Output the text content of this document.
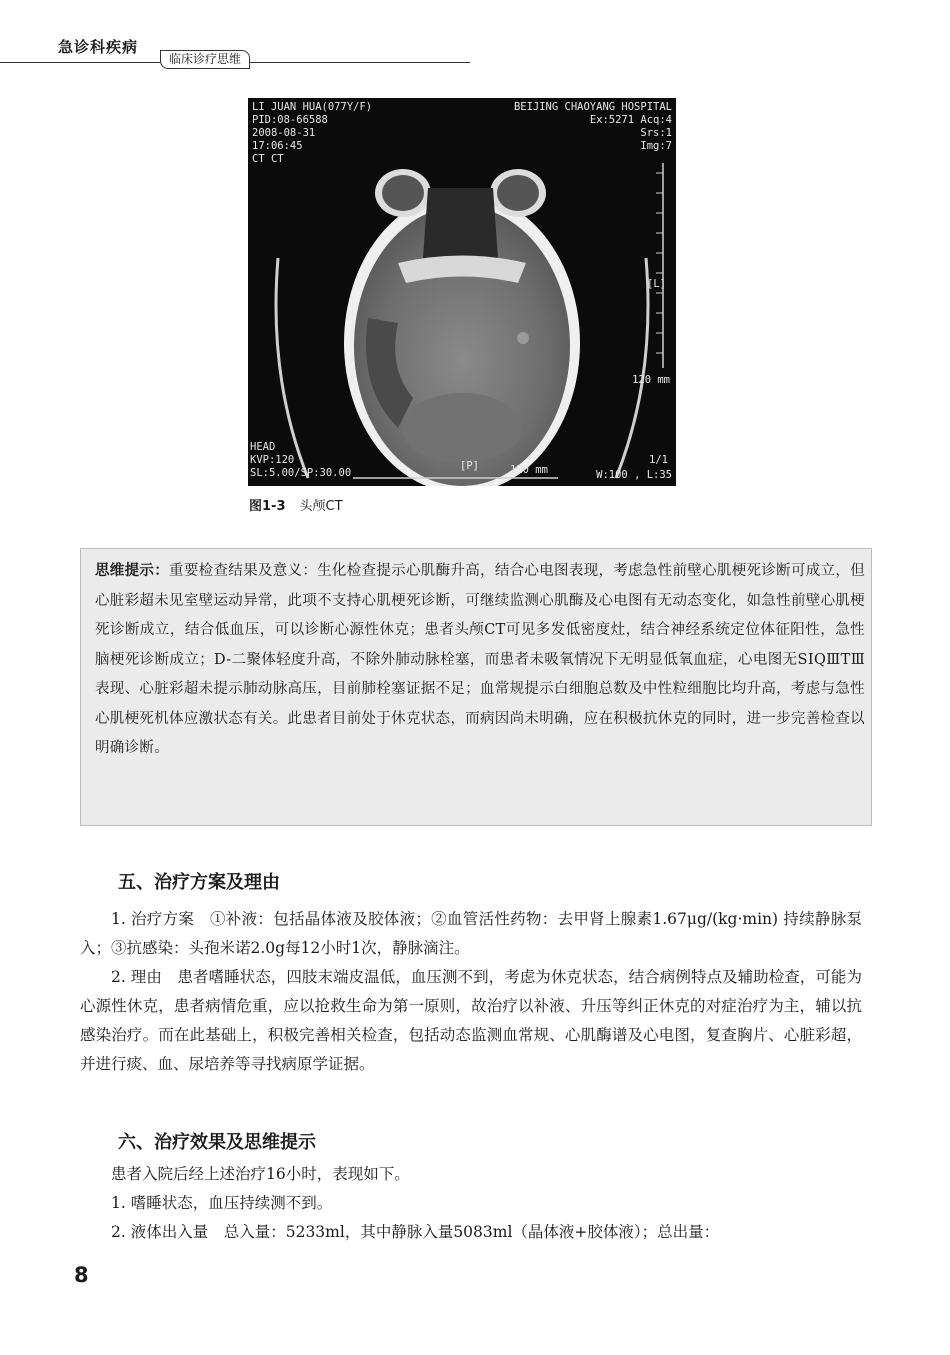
急诊科疾病
临床诊疗思维
LI JUAN HUA(077Y/F)
PID:08-66588
2008-08-31
17:06:45
CT CT
BEIJING CHAOYANG HOSPITAL
Ex:5271 Acq:4
Srs:1
Img:7
[L]
120 mm
HEAD
KVP:120
SL:5.00/SP:30.00
[P]	120 mm
1/1
W:100 , L:35
图1-3 头颅CT

思维提示：重要检查结果及意义：生化检查提示心肌酶升高，结合心电图表现，考虑急性前壁心肌梗死诊断可成立，但心脏彩超未见室壁运动异常，此项不支持心肌梗死诊断，可继续监测心肌酶及心电图有无动态变化，如急性前壁心肌梗死诊断成立，结合低血压，可以诊断心源性休克；患者头颅CT可见多发低密度灶，结合神经系统定位体征阳性，急性脑梗死诊断成立；D-二聚体轻度升高，不除外肺动脉栓塞，而患者未吸氧情况下无明显低氧血症，心电图无SⅠQⅢTⅢ表现、心脏彩超未提示肺动脉高压，目前肺栓塞证据不足；血常规提示白细胞总数及中性粒细胞比均升高，考虑与急性心肌梗死机体应激状态有关。此患者目前处于休克状态，而病因尚未明确，应在积极抗休克的同时，进一步完善检查以明确诊断。

五、治疗方案及理由

1. 治疗方案　①补液：包括晶体液及胶体液；②血管活性药物：去甲肾上腺素1.67μg/(kg·min) 持续静脉泵入；③抗感染：头孢米诺2.0g每12小时1次，静脉滴注。

2. 理由　患者嗜睡状态，四肢末端皮温低，血压测不到，考虑为休克状态，结合病例特点及辅助检查，可能为心源性休克，患者病情危重，应以抢救生命为第一原则，故治疗以补液、升压等纠正休克的对症治疗为主，辅以抗感染治疗。而在此基础上，积极完善相关检查，包括动态监测血常规、心肌酶谱及心电图，复查胸片、心脏彩超，并进行痰、血、尿培养等寻找病原学证据。

六、治疗效果及思维提示

患者入院后经上述治疗16小时，表现如下。

1. 嗜睡状态，血压持续测不到。

2. 液体出入量　总入量：5233ml，其中静脉入量5083ml（晶体液+胶体液）；总出量：

8
